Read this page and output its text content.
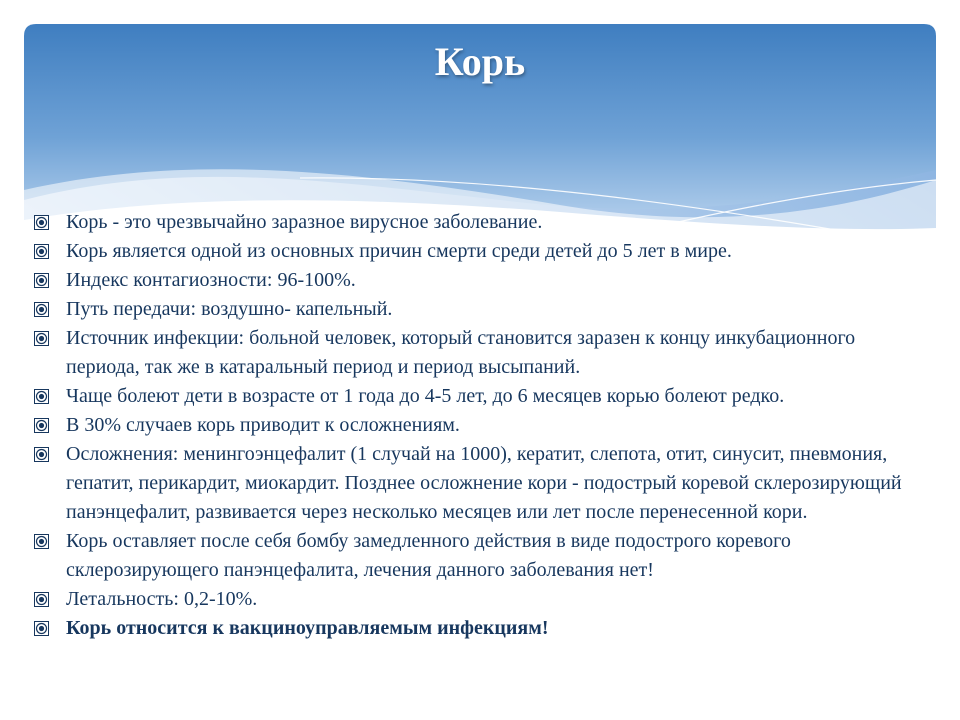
Корь
Корь - это чрезвычайно заразное вирусное заболевание.
Корь является одной из основных причин смерти среди детей до 5 лет в мире.
Индекс контагиозности: 96-100%.
Путь передачи: воздушно- капельный.
Источник инфекции: больной человек, который становится заразен к концу инкубационного периода, так же в катаральный период и период высыпаний.
Чаще болеют дети в возрасте от 1 года до 4-5 лет, до 6 месяцев корью болеют редко.
В 30% случаев корь приводит к осложнениям.
Осложнения: менингоэнцефалит (1 случай на 1000), кератит, слепота, отит, синусит, пневмония, гепатит, перикардит, миокардит. Позднее осложнение кори - подострый коревой склерозирующий панэнцефалит, развивается через несколько месяцев или лет после перенесенной кори.
Корь оставляет после себя бомбу замедленного действия в виде подострого коревого склерозирующего панэнцефалита, лечения данного заболевания нет!
Летальность: 0,2-10%.
Корь относится к вакциноуправляемым инфекциям!
